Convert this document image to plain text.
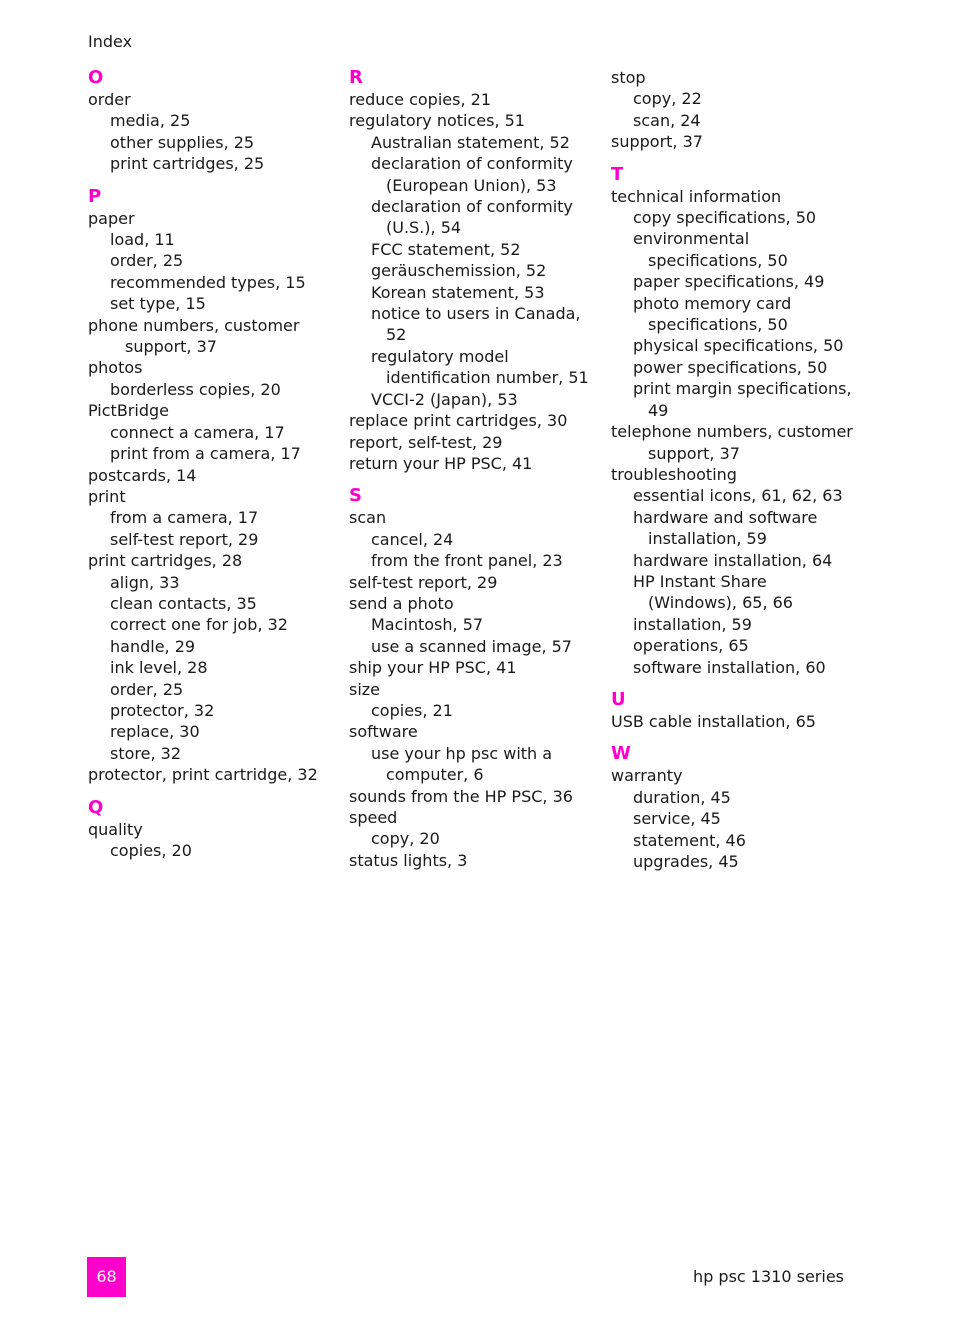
Index
O
order
media, 25
other supplies, 25
print cartridges, 25
P
paper
load, 11
order, 25
recommended types, 15
set type, 15
phone numbers, customer
support, 37
photos
borderless copies, 20
PictBridge
connect a camera, 17
print from a camera, 17
postcards, 14
print
from a camera, 17
self-test report, 29
print cartridges, 28
align, 33
clean contacts, 35
correct one for job, 32
handle, 29
ink level, 28
order, 25
protector, 32
replace, 30
store, 32
protector, print cartridge, 32
Q
quality
copies, 20
R
reduce copies, 21
regulatory notices, 51
Australian statement, 52
declaration of conformity
(European Union), 53
declaration of conformity
(U.S.), 54
FCC statement, 52
geräuschemission, 52
Korean statement, 53
notice to users in Canada,
52
regulatory model
identification number, 51
VCCI-2 (Japan), 53
replace print cartridges, 30
report, self-test, 29
return your HP PSC, 41
S
scan
cancel, 24
from the front panel, 23
self-test report, 29
send a photo
Macintosh, 57
use a scanned image, 57
ship your HP PSC, 41
size
copies, 21
software
use your hp psc with a
computer, 6
sounds from the HP PSC, 36
speed
copy, 20
status lights, 3
stop
copy, 22
scan, 24
support, 37
T
technical information
copy specifications, 50
environmental
specifications, 50
paper specifications, 49
photo memory card
specifications, 50
physical specifications, 50
power specifications, 50
print margin specifications,
49
telephone numbers, customer
support, 37
troubleshooting
essential icons, 61, 62, 63
hardware and software
installation, 59
hardware installation, 64
HP Instant Share
(Windows), 65, 66
installation, 59
operations, 65
software installation, 60
U
USB cable installation, 65
W
warranty
duration, 45
service, 45
statement, 46
upgrades, 45
68	hp psc 1310 series
